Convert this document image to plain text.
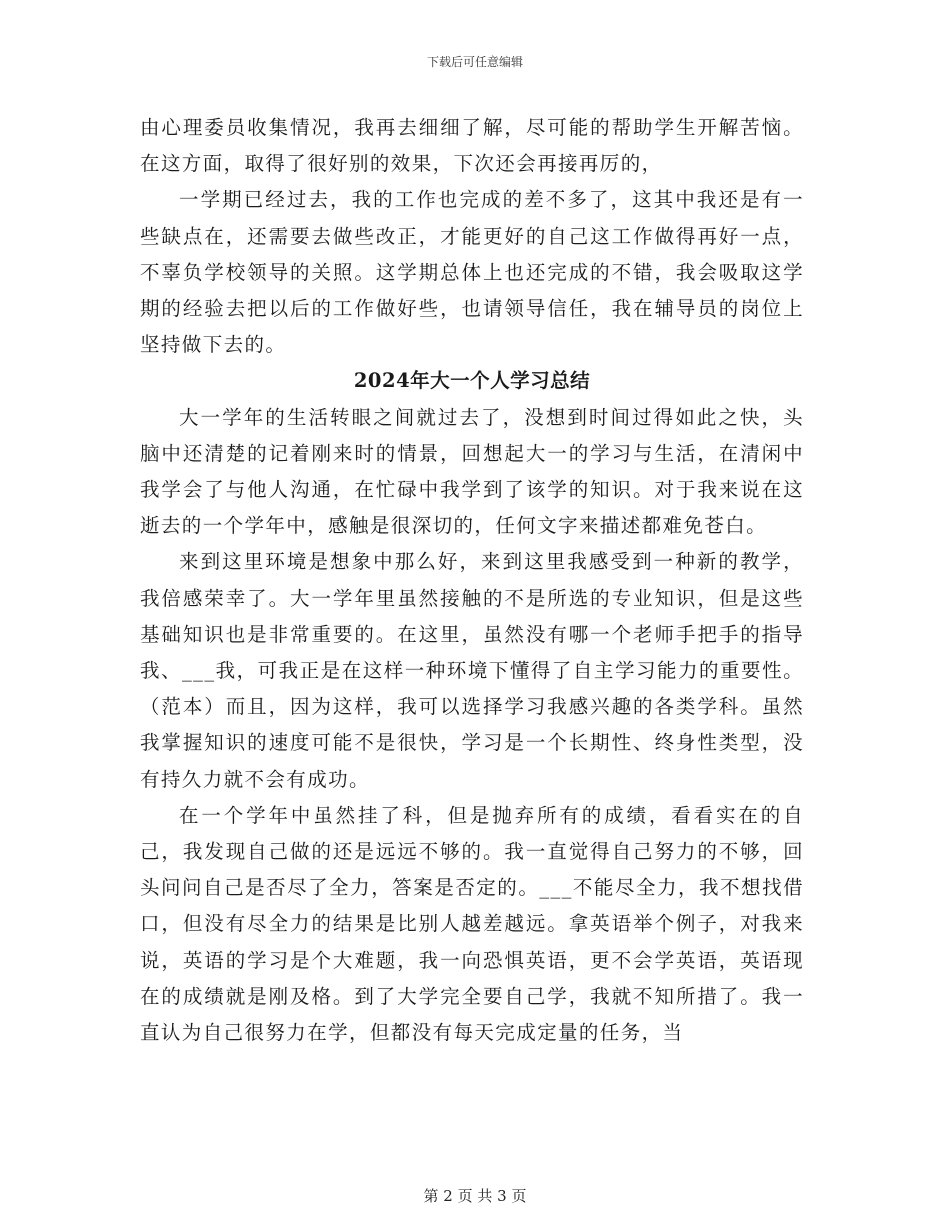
下载后可任意编辑

由心理委员收集情况，我再去细细了解，尽可能的帮助学生开解苦恼。在这方面，取得了很好别的效果，下次还会再接再厉的，

一学期已经过去，我的工作也完成的差不多了，这其中我还是有一些缺点在，还需要去做些改正，才能更好的自己这工作做得再好一点，不辜负学校领导的关照。这学期总体上也还完成的不错，我会吸取这学期的经验去把以后的工作做好些，也请领导信任，我在辅导员的岗位上坚持做下去的。

2024年大一个人学习总结

大一学年的生活转眼之间就过去了，没想到时间过得如此之快，头脑中还清楚的记着刚来时的情景，回想起大一的学习与生活，在清闲中我学会了与他人沟通，在忙碌中我学到了该学的知识。对于我来说在这逝去的一个学年中，感触是很深切的，任何文字来描述都难免苍白。

来到这里环境是想象中那么好，来到这里我感受到一种新的教学，我倍感荣幸了。大一学年里虽然接触的不是所选的专业知识，但是这些基础知识也是非常重要的。在这里，虽然没有哪一个老师手把手的指导我、___我，可我正是在这样一种环境下懂得了自主学习能力的重要性。（范本）而且，因为这样，我可以选择学习我感兴趣的各类学科。虽然我掌握知识的速度可能不是很快，学习是一个长期性、终身性类型，没有持久力就不会有成功。

在一个学年中虽然挂了科，但是抛弃所有的成绩，看看实在的自己，我发现自己做的还是远远不够的。我一直觉得自己努力的不够，回头问问自己是否尽了全力，答案是否定的。___不能尽全力，我不想找借口，但没有尽全力的结果是比别人越差越远。拿英语举个例子，对我来说，英语的学习是个大难题，我一向恐惧英语，更不会学英语，英语现在的成绩就是刚及格。到了大学完全要自己学，我就不知所措了。我一直认为自己很努力在学，但都没有每天完成定量的任务，当

第 2 页 共 3 页
